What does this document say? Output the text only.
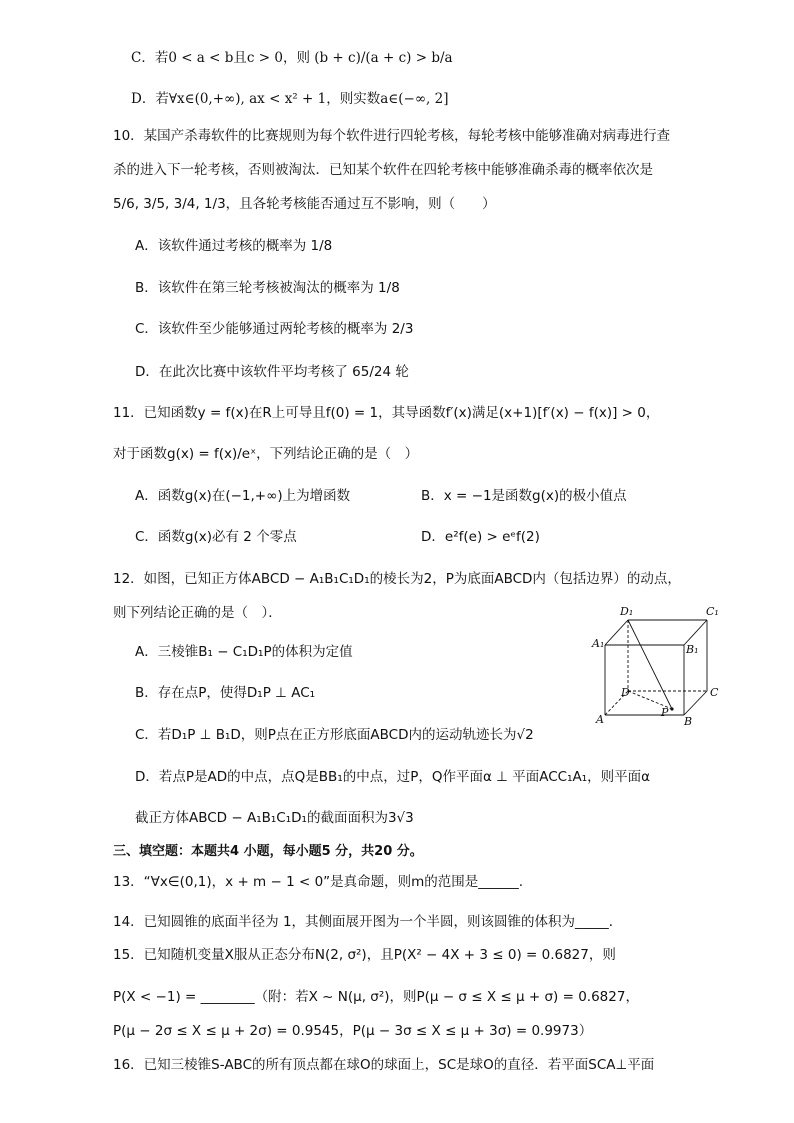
C．若0 < a < b且c > 0，则 (b + c)/(a + c) > b/a
D．若∀x∈(0,+∞), ax < x² + 1，则实数a∈(−∞, 2]
10．某国产杀毒软件的比赛规则为每个软件进行四轮考核，每轮考核中能够准确对病毒进行查
杀的进入下一轮考核，否则被淘汰．已知某个软件在四轮考核中能够准确杀毒的概率依次是
5/6, 3/5, 3/4, 1/3，且各轮考核能否通过互不影响，则（　　）
A．该软件通过考核的概率为 1/8
B．该软件在第三轮考核被淘汰的概率为 1/8
C．该软件至少能够通过两轮考核的概率为 2/3
D．在此次比赛中该软件平均考核了 65/24 轮
11．已知函数y = f(x)在R上可导且f(0) = 1，其导函数f′(x)满足(x+1)[f′(x) − f(x)] > 0，
对于函数g(x) = f(x)/eˣ，下列结论正确的是（　）
A．函数g(x)在(−1,+∞)上为增函数	B．x = −1是函数g(x)的极小值点
C．函数g(x)必有 2 个零点	D．e²f(e) > eᵉf(2)
12．如图，已知正方体ABCD − A₁B₁C₁D₁的棱长为2，P为底面ABCD内（包括边界）的动点，
则下列结论正确的是（　）．
A．三棱锥B₁ − C₁D₁P的体积为定值
B．存在点P，使得D₁P ⊥ AC₁
C．若D₁P ⊥ B₁D，则P点在正方形底面ABCD内的运动轨迹长为√2
D．若点P是AD的中点，点Q是BB₁的中点，过P，Q作平面α ⊥ 平面ACC₁A₁，则平面α
截正方体ABCD − A₁B₁C₁D₁的截面面积为3√3
D₁	C₁
A₁	B₁
D	C
A	B
P
三、填空题：本题共4 小题，每小题5 分，共20 分。
13．“∀x∈(0,1)，x + m − 1 < 0”是真命题，则m的范围是______.
14．已知圆锥的底面半径为 1，其侧面展开图为一个半圆，则该圆锥的体积为_____．
15．已知随机变量X服从正态分布N(2, σ²)，且P(X² − 4X + 3 ≤ 0) = 0.6827，则
P(X < −1) = ________（附：若X ~ N(μ, σ²)，则P(μ − σ ≤ X ≤ μ + σ) = 0.6827，
P(μ − 2σ ≤ X ≤ μ + 2σ) = 0.9545，P(μ − 3σ ≤ X ≤ μ + 3σ) = 0.9973）
16．已知三棱锥S-ABC的所有顶点都在球O的球面上，SC是球O的直径．若平面SCA⊥平面
